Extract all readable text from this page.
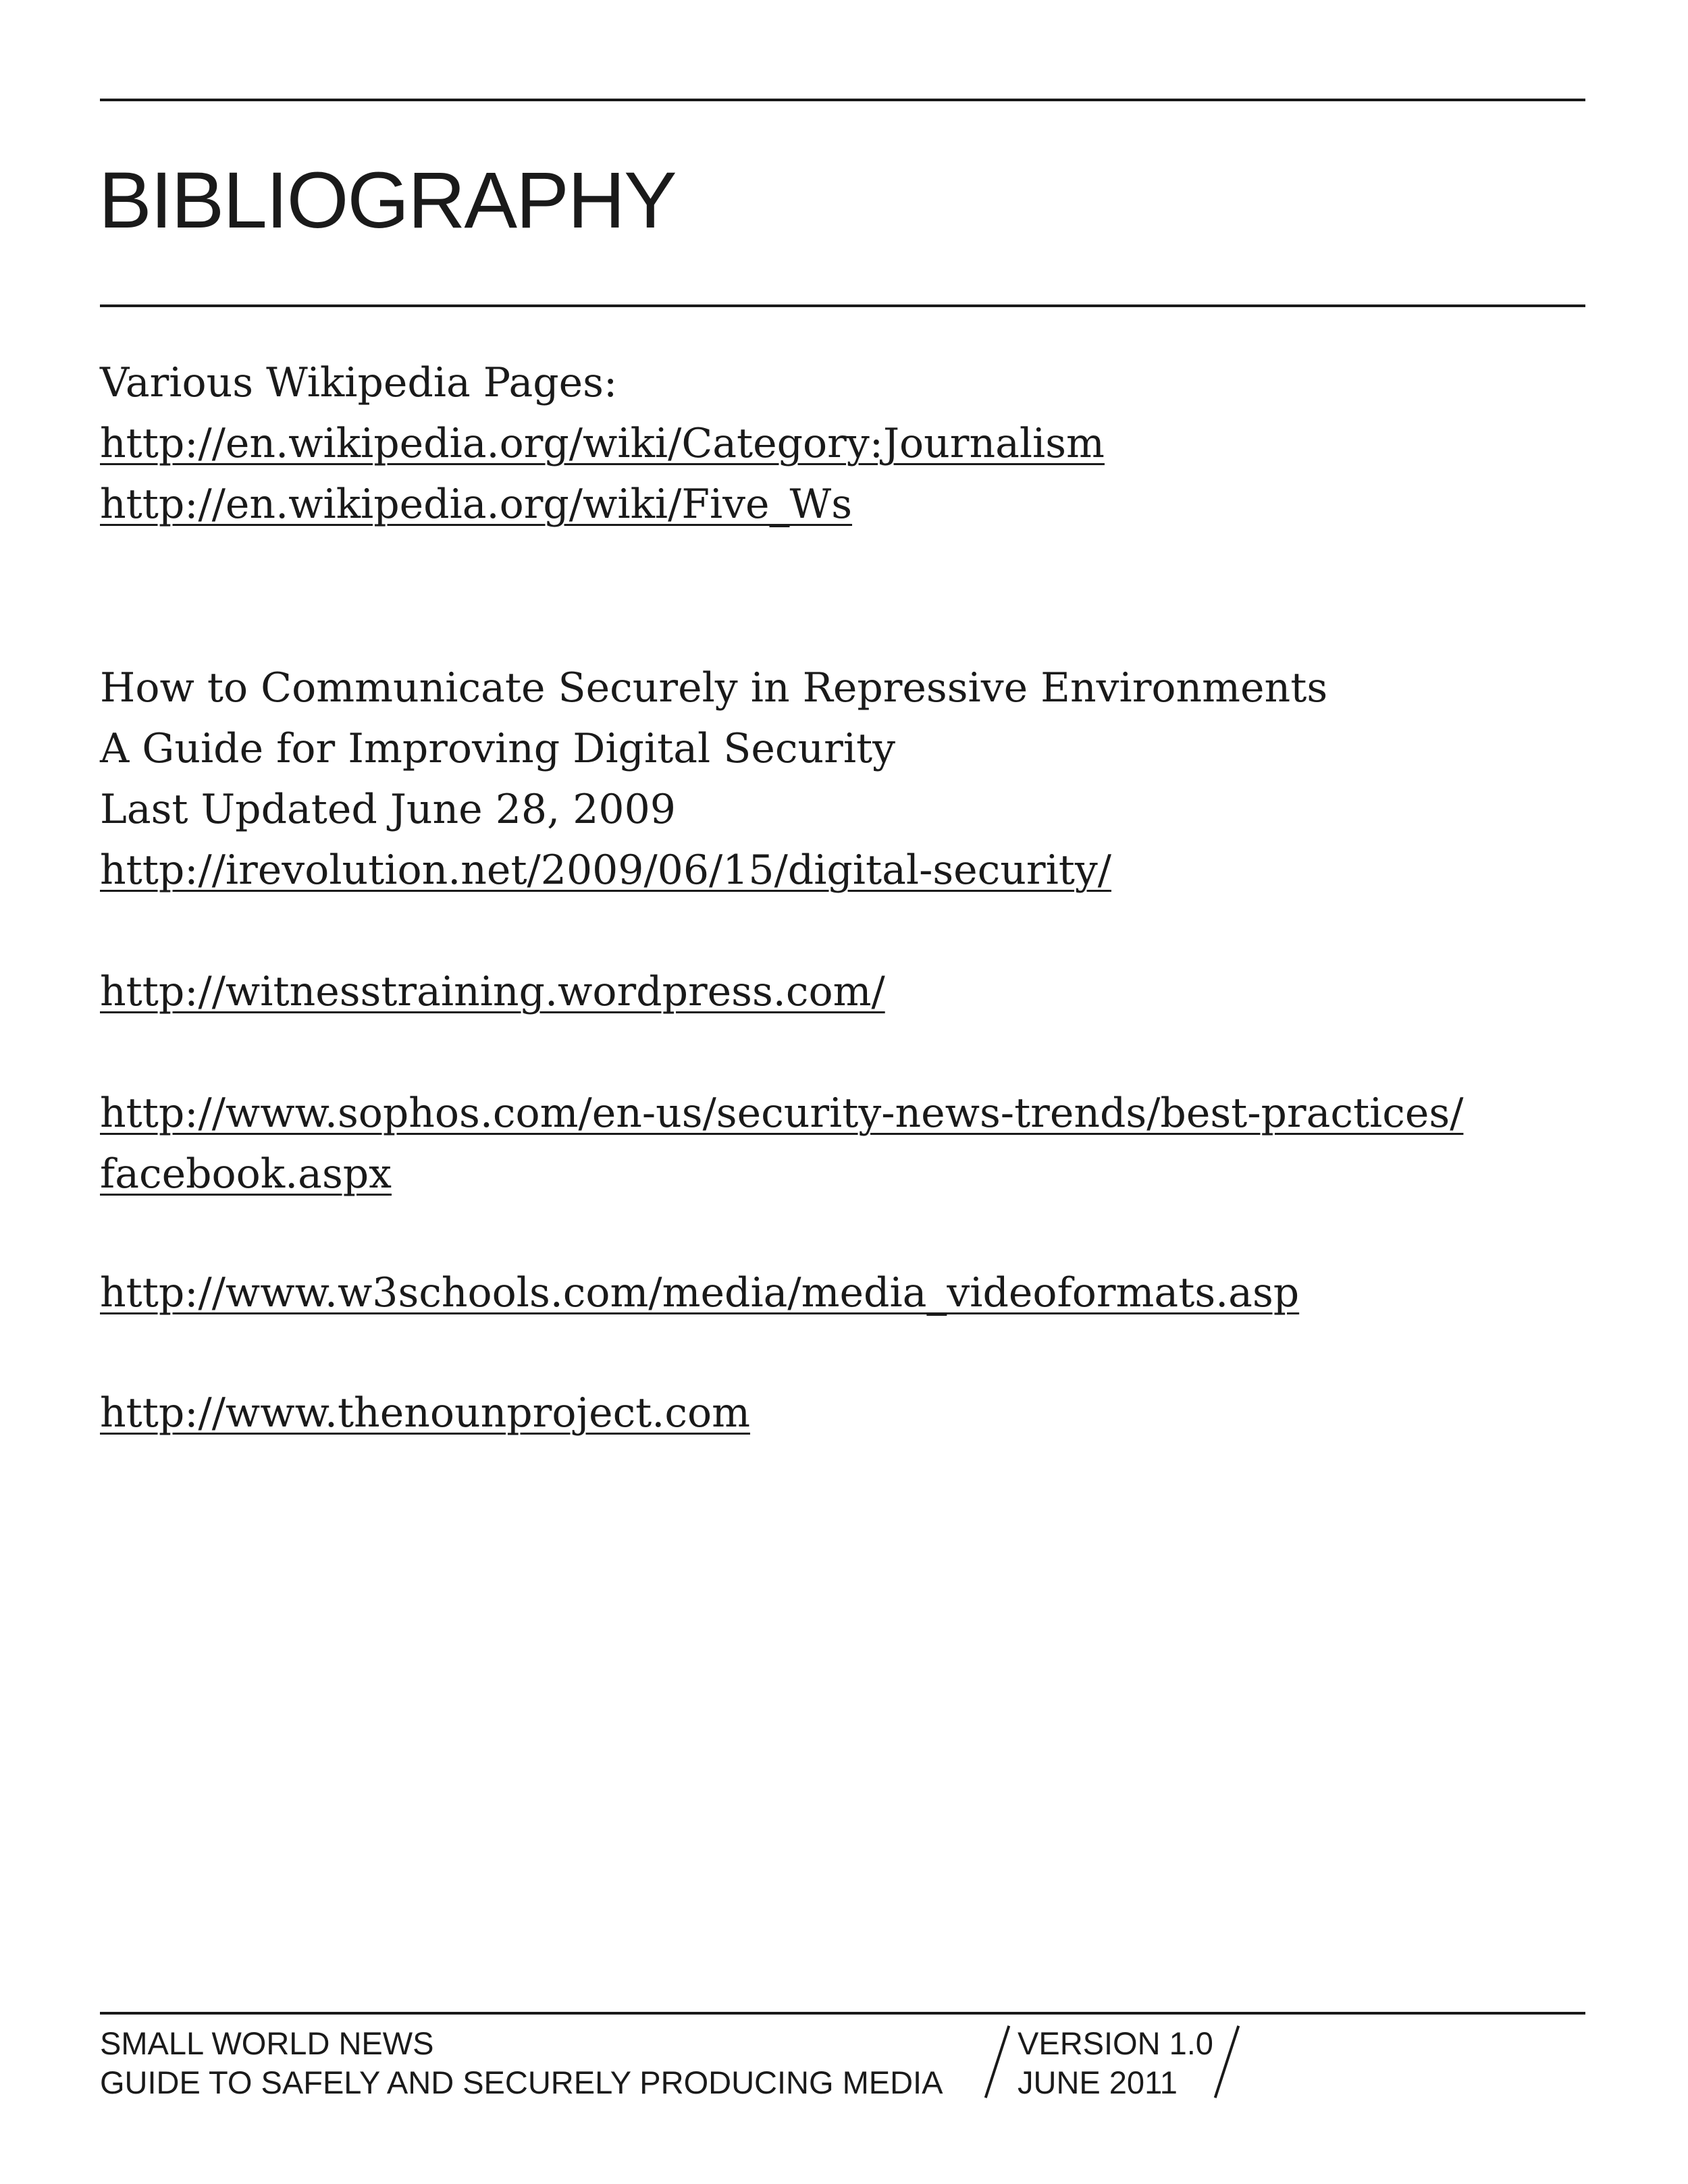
BIBLIOGRAPHY
Various Wikipedia Pages:
http://en.wikipedia.org/wiki/Category:Journalism
http://en.wikipedia.org/wiki/Five_Ws
How to Communicate Securely in Repressive Environments
A Guide for Improving Digital Security
Last Updated June 28, 2009
http://irevolution.net/2009/06/15/digital-security/
http://witnesstraining.wordpress.com/
http://www.sophos.com/en-us/security-news-trends/best-practices/
facebook.aspx
http://www.w3schools.com/media/media_videoformats.asp
http://www.thenounproject.com
SMALL WORLD NEWS
GUIDE TO SAFELY AND SECURELY PRODUCING MEDIA
VERSION 1.0
JUNE 2011
